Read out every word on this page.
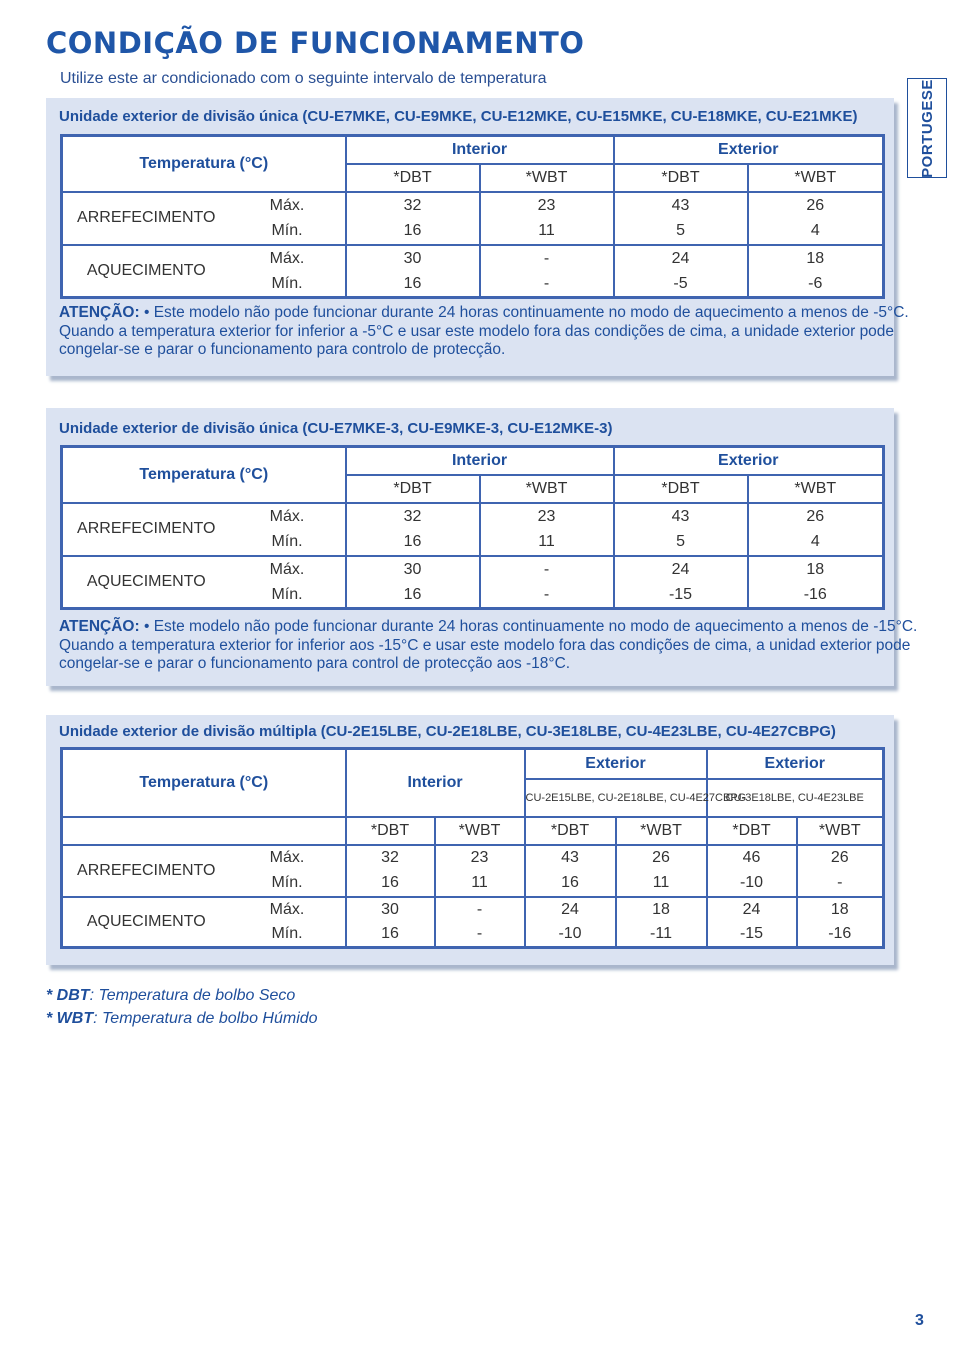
CONDIÇÃO DE FUNCIONAMENTO
Utilize este ar condicionado com o seguinte intervalo de temperatura
PORTUGESE
Unidade exterior de divisão única (CU-E7MKE, CU-E9MKE, CU-E12MKE, CU-E15MKE, CU-E18MKE, CU-E21MKE)
Temperatura (°C)		Interior		Exterior	
		*DBT	*WBT	*DBT	*WBT
ARREFECIMENTO	Máx.	32	23	43	26
	Mín.	16	11	5	4
AQUECIMENTO	Máx.	30	-	24	18
	Mín.	16	-	-5	-6
ATENÇÃO: • Este modelo não pode funcionar durante 24 horas continuamente no modo de aquecimento a menos de -5°C.
Quando a temperatura exterior for inferior a -5°C e usar este modelo fora das condições de cima, a unidade exterior pode
congelar-se e parar o funcionamento para controlo de protecção.
Unidade exterior de divisão única (CU-E7MKE-3, CU-E9MKE-3, CU-E12MKE-3)
Temperatura (°C)		Interior		Exterior	
		*DBT	*WBT	*DBT	*WBT
ARREFECIMENTO	Máx.	32	23	43	26
	Mín.	16	11	5	4
AQUECIMENTO	Máx.	30	-	24	18
	Mín.	16	-	-15	-16
ATENÇÃO: • Este modelo não pode funcionar durante 24 horas continuamente no modo de aquecimento a menos de -15°C.
Quando a temperatura exterior for inferior aos -15°C e usar este modelo fora das condições de cima, a unidad exterior pode
congelar-se e parar o funcionamento para control de protecção aos -18°C.
Unidade exterior de divisão múltipla (CU-2E15LBE, CU-2E18LBE, CU-3E18LBE, CU-4E23LBE, CU-4E27CBPG)
Temperatura (°C)		Interior		Exterior		Exterior	
				CU-2E15LBE, CU-2E18LBE, CU-4E27CBPG		CU-3E18LBE, CU-4E23LBE	
		*DBT	*WBT	*DBT	*WBT	*DBT	*WBT
ARREFECIMENTO	Máx.	32	23	43	26	46	26
	Mín.	16	11	16	11	-10	-
AQUECIMENTO	Máx.	30	-	24	18	24	18
	Mín.	16	-	-10	-11	-15	-16
* DBT: Temperatura de bolbo Seco
* WBT: Temperatura de bolbo Húmido
3
